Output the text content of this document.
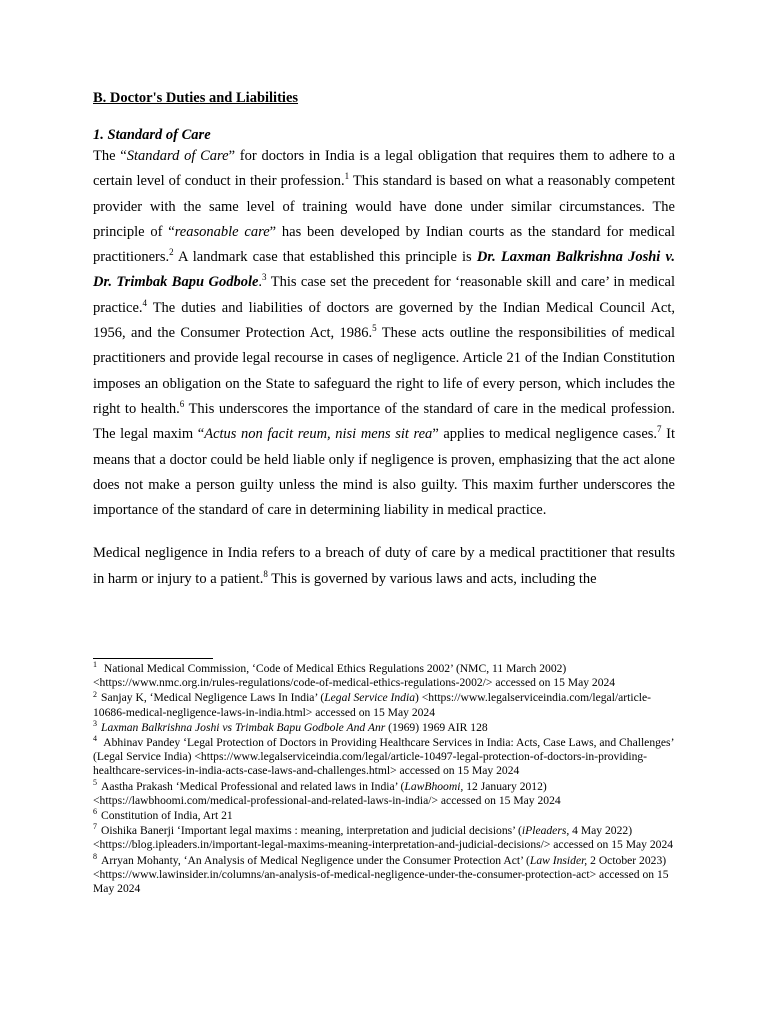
B. Doctor's Duties and Liabilities
1. Standard of Care

The “Standard of Care” for doctors in India is a legal obligation that requires them to adhere to a certain level of conduct in their profession.$^1$ This standard is based on what a reasonably competent provider with the same level of training would have done under similar circumstances. The principle of “reasonable care” has been developed by Indian courts as the standard for medical practitioners.$^2$ A landmark case that established this principle is Dr. Laxman Balkrishna Joshi v. Dr. Trimbak Bapu Godbole.$^3$ This case set the precedent for ‘reasonable skill and care’ in medical practice.$^4$ The duties and liabilities of doctors are governed by the Indian Medical Council Act, 1956, and the Consumer Protection Act, 1986.$^5$ These acts outline the responsibilities of medical practitioners and provide legal recourse in cases of negligence. Article 21 of the Indian Constitution imposes an obligation on the State to safeguard the right to life of every person, which includes the right to health.$^6$ This underscores the importance of the standard of care in the medical profession. The legal maxim “Actus non facit reum, nisi mens sit rea” applies to medical negligence cases.$^7$ It means that a doctor could be held liable only if negligence is proven, emphasizing that the act alone does not make a person guilty unless the mind is also guilty. This maxim further underscores the importance of the standard of care in determining liability in medical practice.

Medical negligence in India refers to a breach of duty of care by a medical practitioner that results in harm or injury to a patient.$^8$ This is governed by various laws and acts, including the

$^1$ National Medical Commission, ‘Code of Medical Ethics Regulations 2002’ (NMC, 11 March 2002) <https://www.nmc.org.in/rules-regulations/code-of-medical-ethics-regulations-2002/> accessed on 15 May 2024

$^2$ Sanjay K, ‘Medical Negligence Laws In India’ (Legal Service India) <https://www.legalserviceindia.com/legal/article-10686-medical-negligence-laws-in-india.html> accessed on 15 May 2024

$^3$ Laxman Balkrishna Joshi vs Trimbak Bapu Godbole And Anr (1969) 1969 AIR 128

$^4$ Abhinav Pandey ‘Legal Protection of Doctors in Providing Healthcare Services in India: Acts, Case Laws, and Challenges’ (Legal Service India) <https://www.legalserviceindia.com/legal/article-10497-legal-protection-of-doctors-in-providing-healthcare-services-in-india-acts-case-laws-and-challenges.html> accessed on 15 May 2024

$^5$ Aastha Prakash ‘Medical Professional and related laws in India’ (LawBhoomi, 12 January 2012) <https://lawbhoomi.com/medical-professional-and-related-laws-in-india/> accessed on 15 May 2024

$^6$ Constitution of India, Art 21

$^7$ Oishika Banerji ‘Important legal maxims : meaning, interpretation and judicial decisions’ (iPleaders, 4 May 2022) <https://blog.ipleaders.in/important-legal-maxims-meaning-interpretation-and-judicial-decisions/> accessed on 15 May 2024

$^8$ Arryan Mohanty, ‘An Analysis of Medical Negligence under the Consumer Protection Act’ (Law Insider, 2 October 2023) <https://www.lawinsider.in/columns/an-analysis-of-medical-negligence-under-the-consumer-protection-act> accessed on 15 May 2024
